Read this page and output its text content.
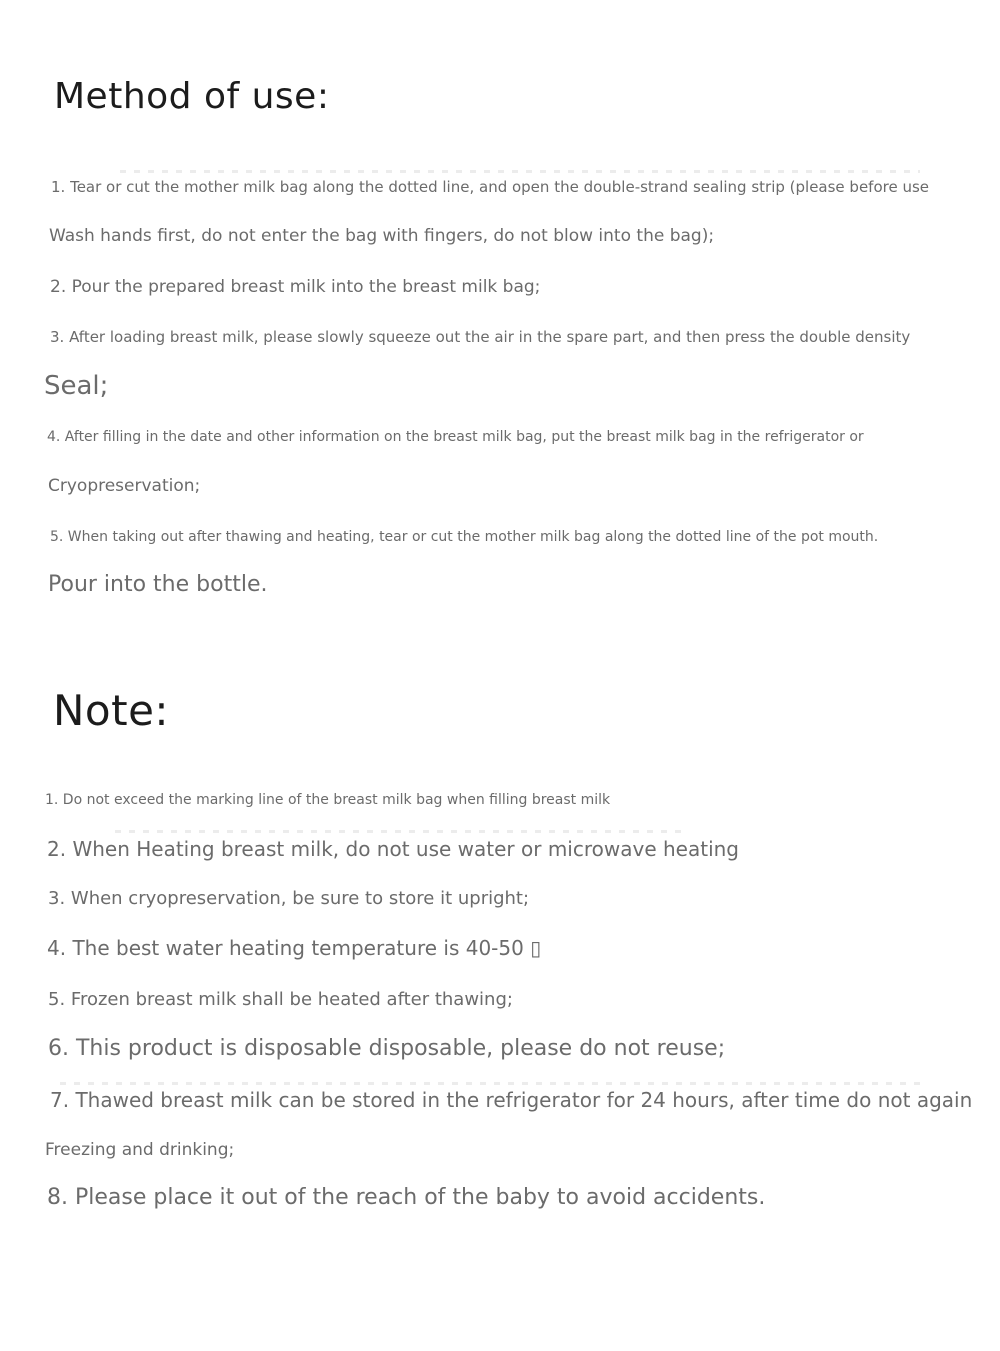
Method of use:

1. Tear or cut the mother milk bag along the dotted line, and open the double-strand sealing strip (please before use

Wash hands first, do not enter the bag with fingers, do not blow into the bag);

2. Pour the prepared breast milk into the breast milk bag;

3. After loading breast milk, please slowly squeeze out the air in the spare part, and then press the double density

Seal;

4. After filling in the date and other information on the breast milk bag, put the breast milk bag in the refrigerator or

Cryopreservation;

5. When taking out after thawing and heating, tear or cut the mother milk bag along the dotted line of the pot mouth.

Pour into the bottle.

Note:

1. Do not exceed the marking line of the breast milk bag when filling breast milk

2. When Heating breast milk, do not use water or microwave heating

3. When cryopreservation, be sure to store it upright;

4. The best water heating temperature is 40-50 ▯

5. Frozen breast milk shall be heated after thawing;

6. This product is disposable disposable, please do not reuse;

7. Thawed breast milk can be stored in the refrigerator for 24 hours, after time do not again

Freezing and drinking;

8. Please place it out of the reach of the baby to avoid accidents.
